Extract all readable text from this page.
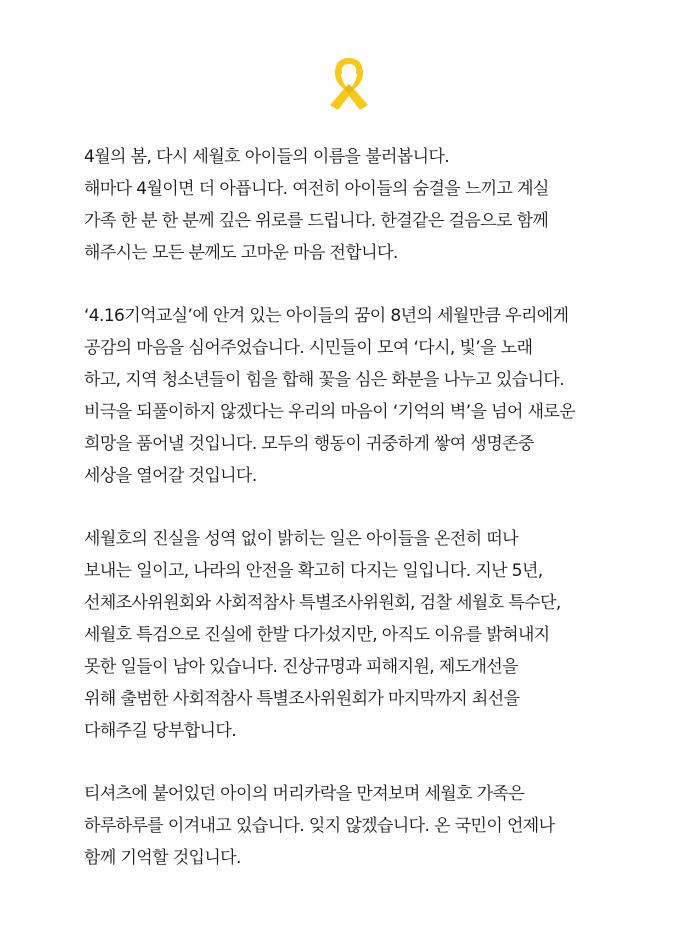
4월의 봄, 다시 세월호 아이들의 이름을 불러봅니다.
해마다 4월이면 더 아픕니다. 여전히 아이들의 숨결을 느끼고 계실
가족 한 분 한 분께 깊은 위로를 드립니다. 한결같은 걸음으로 함께
해주시는 모든 분께도 고마운 마음 전합니다.
‘4.16기억교실’에 안겨 있는 아이들의 꿈이 8년의 세월만큼 우리에게
공감의 마음을 심어주었습니다. 시민들이 모여 ‘다시, 빛’을 노래
하고, 지역 청소년들이 힘을 합해 꽃을 심은 화분을 나누고 있습니다.
비극을 되풀이하지 않겠다는 우리의 마음이 ‘기억의 벽’을 넘어 새로운
희망을 품어낼 것입니다. 모두의 행동이 귀중하게 쌓여 생명존중
세상을 열어갈 것입니다.
세월호의 진실을 성역 없이 밝히는 일은 아이들을 온전히 떠나
보내는 일이고, 나라의 안전을 확고히 다지는 일입니다. 지난 5년,
선체조사위원회와 사회적참사 특별조사위원회, 검찰 세월호 특수단,
세월호 특검으로 진실에 한발 다가섰지만, 아직도 이유를 밝혀내지
못한 일들이 남아 있습니다. 진상규명과 피해지원, 제도개선을
위해 출범한 사회적참사 특별조사위원회가 마지막까지 최선을
다해주길 당부합니다.
티셔츠에 붙어있던 아이의 머리카락을 만져보며 세월호 가족은
하루하루를 이겨내고 있습니다. 잊지 않겠습니다. 온 국민이 언제나
함께 기억할 것입니다.
